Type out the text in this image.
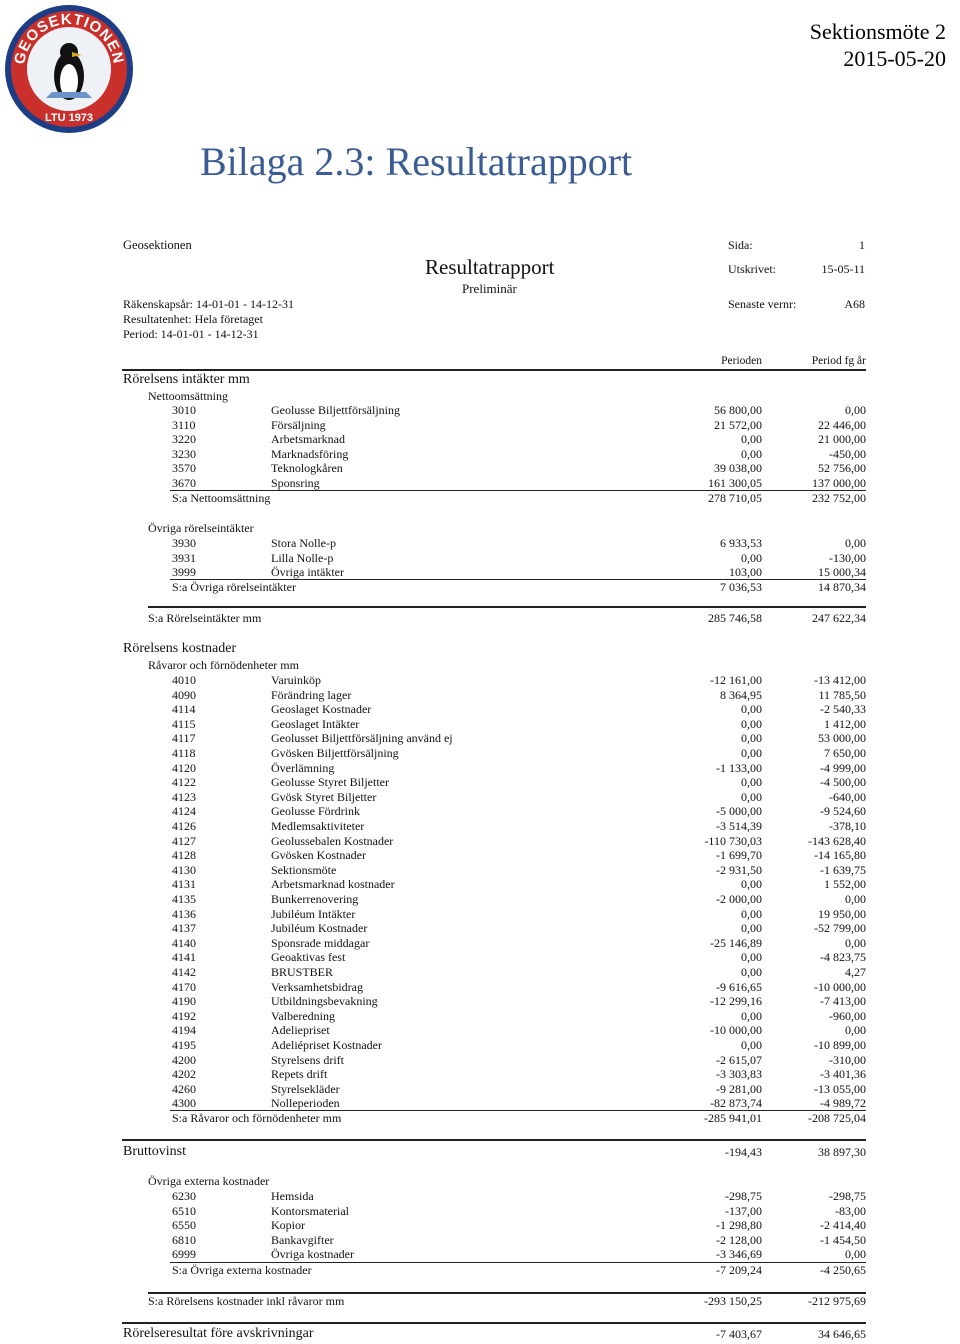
GEOSEKTIONEN
LTU 1973
Sektionsmöte 2
2015-05-20
Bilaga 2.3: Resultatrapport
Geosektionen
Resultatrapport
Preliminär
Räkenskapsår: 14-01-01 - 14-12-31
Resultatenhet: Hela företaget
Period: 14-01-01 - 14-12-31
Sida:	1
Utskrivet:	15-05-11
Senaste vernr:	A68
Perioden	Period fg år
Rörelsens intäkter mm
Nettoomsättning
3010	Geolusse Biljettförsäljning	56 800,00	0,00
3110	Försäljning	21 572,00	22 446,00
3220	Arbetsmarknad	0,00	21 000,00
3230	Marknadsföring	0,00	-450,00
3570	Teknologkåren	39 038,00	52 756,00
3670	Sponsring	161 300,05	137 000,00
S:a Nettoomsättning	278 710,05	232 752,00
Övriga rörelseintäkter
3930	Stora Nolle-p	6 933,53	0,00
3931	Lilla Nolle-p	0,00	-130,00
3999	Övriga intäkter	103,00	15 000,34
S:a Övriga rörelseintäkter	7 036,53	14 870,34
S:a Rörelseintäkter mm	285 746,58	247 622,34
Rörelsens kostnader
Råvaror och förnödenheter mm
4010	Varuinköp	-12 161,00	-13 412,00
4090	Förändring lager	8 364,95	11 785,50
4114	Geoslaget Kostnader	0,00	-2 540,33
4115	Geoslaget Intäkter	0,00	1 412,00
4117	Geolusset Biljettförsäljning använd ej	0,00	53 000,00
4118	Gvösken Biljettförsäljning	0,00	7 650,00
4120	Överlämning	-1 133,00	-4 999,00
4122	Geolusse Styret Biljetter	0,00	-4 500,00
4123	Gvösk Styret Biljetter	0,00	-640,00
4124	Geolusse Fördrink	-5 000,00	-9 524,60
4126	Medlemsaktiviteter	-3 514,39	-378,10
4127	Geolussebalen Kostnader	-110 730,03	-143 628,40
4128	Gvösken Kostnader	-1 699,70	-14 165,80
4130	Sektionsmöte	-2 931,50	-1 639,75
4131	Arbetsmarknad kostnader	0,00	1 552,00
4135	Bunkerrenovering	-2 000,00	0,00
4136	Jubiléum Intäkter	0,00	19 950,00
4137	Jubiléum Kostnader	0,00	-52 799,00
4140	Sponsrade middagar	-25 146,89	0,00
4141	Geoaktivas fest	0,00	-4 823,75
4142	BRUSTBER	0,00	4,27
4170	Verksamhetsbidrag	-9 616,65	-10 000,00
4190	Utbildningsbevakning	-12 299,16	-7 413,00
4192	Valberedning	0,00	-960,00
4194	Adeliepriset	-10 000,00	0,00
4195	Adeliépriset Kostnader	0,00	-10 899,00
4200	Styrelsens drift	-2 615,07	-310,00
4202	Repets drift	-3 303,83	-3 401,36
4260	Styrelsekläder	-9 281,00	-13 055,00
4300	Nolleperioden	-82 873,74	-4 989,72
S:a Råvaror och förnödenheter mm	-285 941,01	-208 725,04
Bruttovinst	-194,43	38 897,30
Övriga externa kostnader
6230	Hemsida	-298,75	-298,75
6510	Kontorsmaterial	-137,00	-83,00
6550	Kopior	-1 298,80	-2 414,40
6810	Bankavgifter	-2 128,00	-1 454,50
6999	Övriga kostnader	-3 346,69	0,00
S:a Övriga externa kostnader	-7 209,24	-4 250,65
S:a Rörelsens kostnader inkl råvaror mm	-293 150,25	-212 975,69
Rörelseresultat före avskrivningar	-7 403,67	34 646,65
